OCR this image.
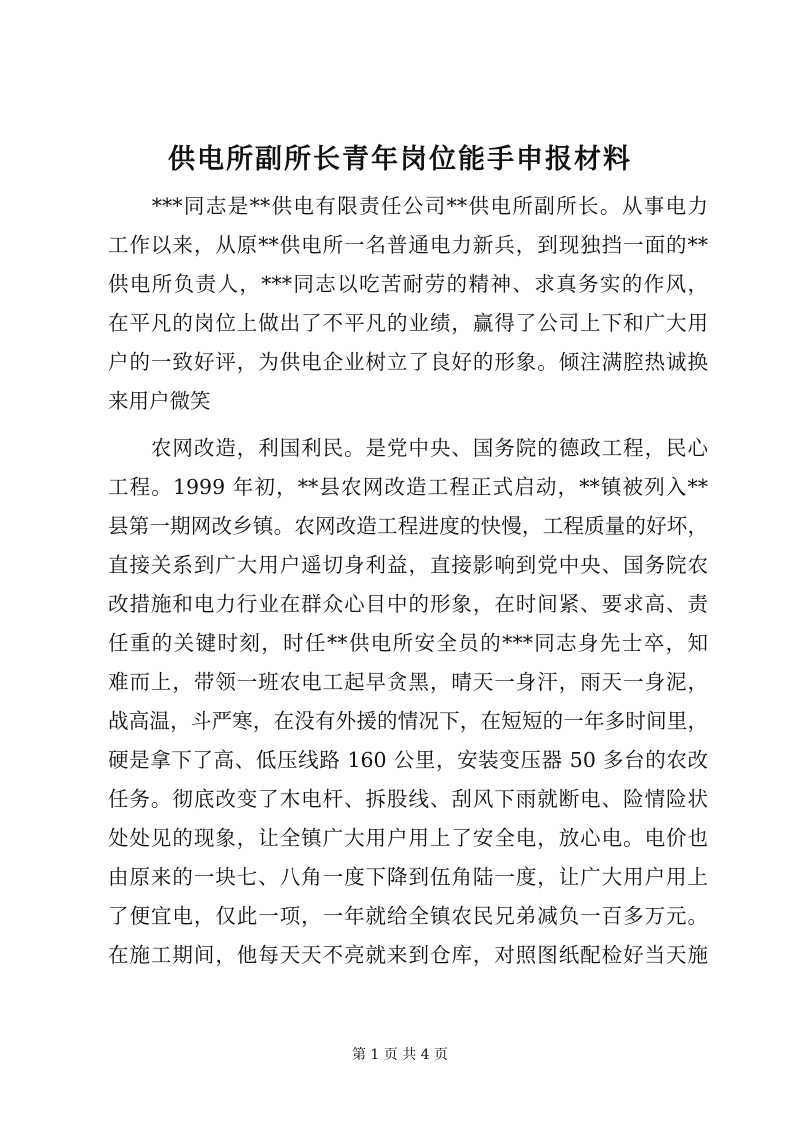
供电所副所长青年岗位能手申报材料
　　***同志是**供电有限责任公司**供电所副所长。从事电力
工作以来，从原**供电所一名普通电力新兵，到现独挡一面的**
供电所负责人，***同志以吃苦耐劳的精神、求真务实的作风，
在平凡的岗位上做出了不平凡的业绩，赢得了公司上下和广大用
户的一致好评，为供电企业树立了良好的形象。倾注满腔热诚换
来用户微笑
　　农网改造，利国利民。是党中央、国务院的德政工程，民心
工程。1999 年初，**县农网改造工程正式启动，**镇被列入**
县第一期网改乡镇。农网改造工程进度的快慢，工程质量的好坏，
直接关系到广大用户遥切身利益，直接影响到党中央、国务院农
改措施和电力行业在群众心目中的形象，在时间紧、要求高、责
任重的关键时刻，时任**供电所安全员的***同志身先士卒，知
难而上，带领一班农电工起早贪黑，晴天一身汗，雨天一身泥，
战高温，斗严寒，在没有外援的情况下，在短短的一年多时间里，
硬是拿下了高、低压线路 160 公里，安装变压器 50 多台的农改
任务。彻底改变了木电杆、拆股线、刮风下雨就断电、险情险状
处处见的现象，让全镇广大用户用上了安全电，放心电。电价也
由原来的一块七、八角一度下降到伍角陆一度，让广大用户用上
了便宜电，仅此一项，一年就给全镇农民兄弟减负一百多万元。
在施工期间，他每天天不亮就来到仓库，对照图纸配检好当天施
第 1 页 共 4 页
